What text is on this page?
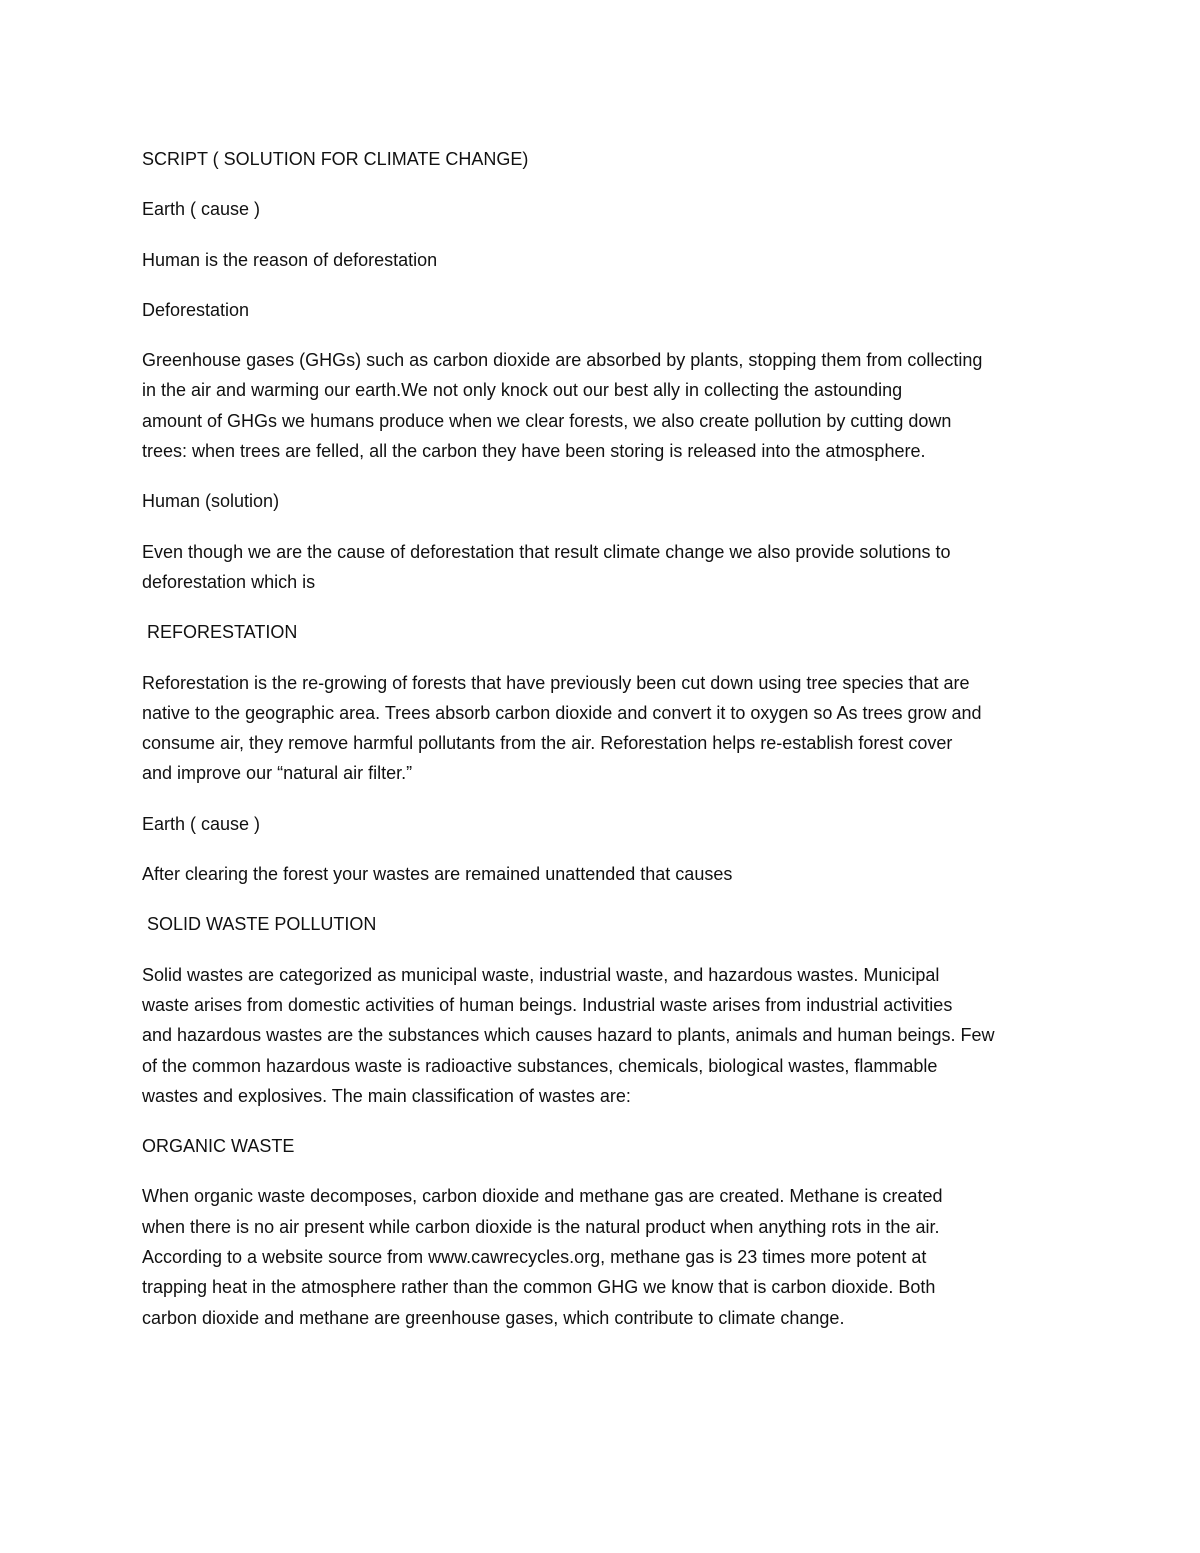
SCRIPT ( SOLUTION FOR CLIMATE CHANGE)

Earth ( cause )

Human is the reason of deforestation

Deforestation

Greenhouse gases (GHGs) such as carbon dioxide are absorbed by plants, stopping them from collecting
in the air and warming our earth.We not only knock out our best ally in collecting the astounding
amount of GHGs we humans produce when we clear forests, we also create pollution by cutting down
trees: when trees are felled, all the carbon they have been storing is released into the atmosphere.

Human (solution)

Even though we are the cause of deforestation that result climate change we also provide solutions to
deforestation which is

REFORESTATION

Reforestation is the re-growing of forests that have previously been cut down using tree species that are
native to the geographic area. Trees absorb carbon dioxide and convert it to oxygen so As trees grow and
consume air, they remove harmful pollutants from the air. Reforestation helps re-establish forest cover
and improve our “natural air filter.”

Earth ( cause )

After clearing the forest your wastes are remained unattended that causes

SOLID WASTE POLLUTION

Solid wastes are categorized as municipal waste, industrial waste, and hazardous wastes. Municipal
waste arises from domestic activities of human beings. Industrial waste arises from industrial activities
and hazardous wastes are the substances which causes hazard to plants, animals and human beings. Few
of the common hazardous waste is radioactive substances, chemicals, biological wastes, flammable
wastes and explosives. The main classification of wastes are:

ORGANIC WASTE

When organic waste decomposes, carbon dioxide and methane gas are created. Methane is created
when there is no air present while carbon dioxide is the natural product when anything rots in the air.
According to a website source from www.cawrecycles.org, methane gas is 23 times more potent at
trapping heat in the atmosphere rather than the common GHG we know that is carbon dioxide. Both
carbon dioxide and methane are greenhouse gases, which contribute to climate change.
